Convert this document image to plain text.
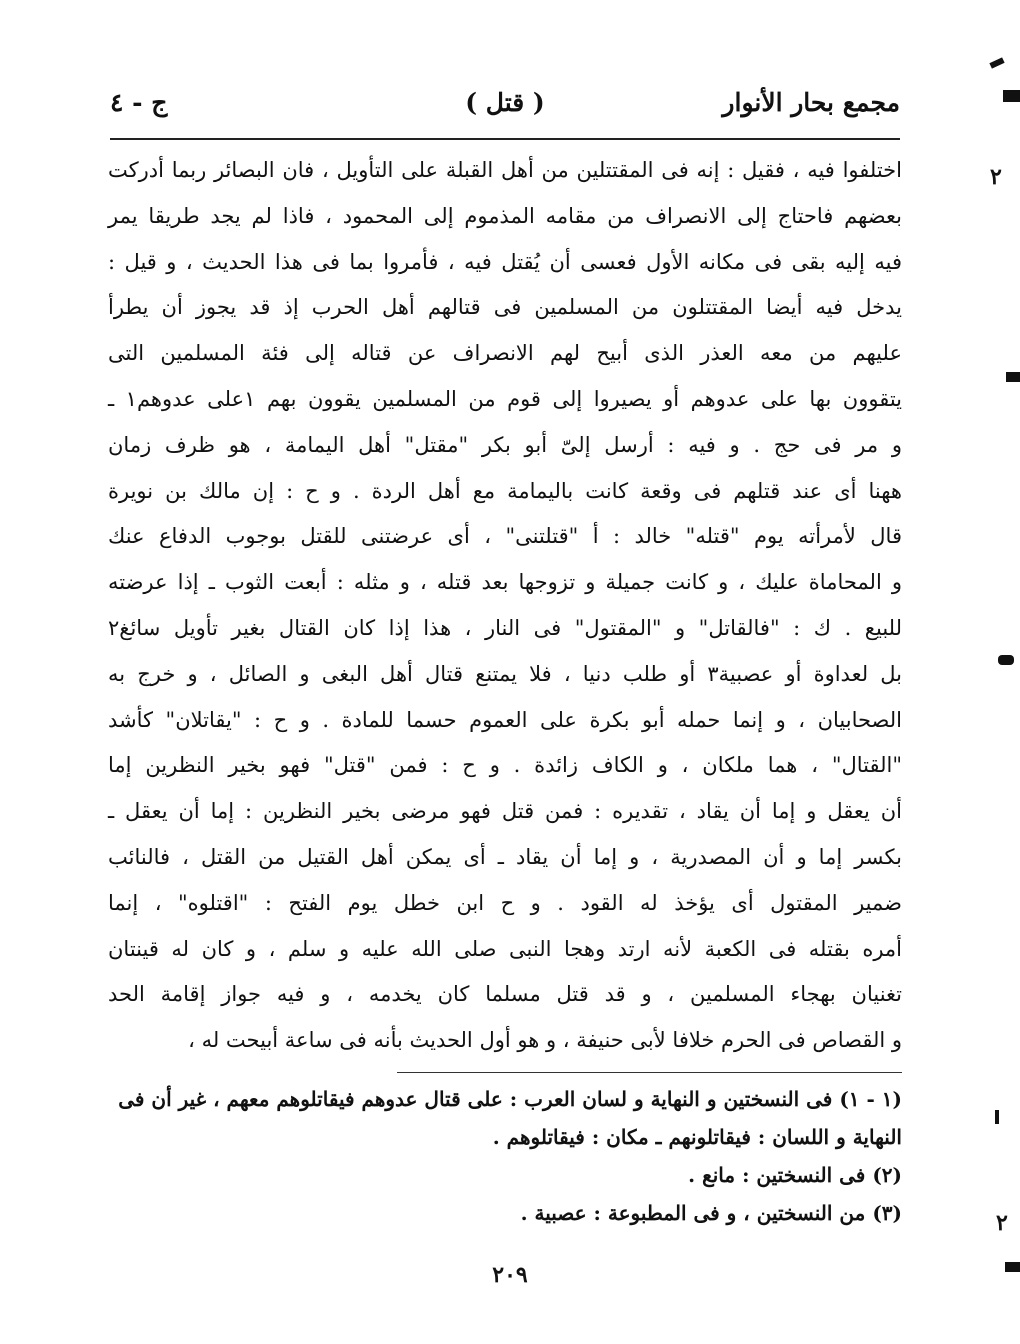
مجمع بحار الأنوار
( قتل )
ج - ٤
اختلفوا فيه ، فقيل : إنه فى المقتتلين من أهل القبلة على التأويل ، فان البصائر ربما أدركت
بعضهم فاحتاج إلى الانصراف من مقامه المذموم إلى المحمود ، فاذا لم يجد طريقا يمر
فيه إليه بقى فى مكانه الأول فعسى أن يُقتل فيه ، فأمروا بما فى هذا الحديث ، و قيل :
يدخل فيه أيضا المقتتلون من المسلمين فى قتالهم أهل الحرب إذ قد يجوز أن يطرأ
عليهم من معه العذر الذى أبيح لهم الانصراف عن قتاله إلى فئة المسلمين التى
يتقوون بها على عدوهم أو يصيروا إلى قوم من المسلمين يقوون بهم ١على عدوهم١ ـ
و مر فى حج . و فيه : أرسل إلىّ أبو بكر "مقتل" أهل اليمامة ، هو ظرف زمان
ههنا أى عند قتلهم فى وقعة كانت باليمامة مع أهل الردة . و ح : إن مالك بن نويرة
قال لأمرأته يوم "قتله" خالد : أ "قتلتنى" ، أى عرضتنى للقتل بوجوب الدفاع عنك
و المحاماة عليك ، و كانت جميلة و تزوجها بعد قتله ، و مثله : أبعت الثوب ـ إذا عرضته
للبيع . ك : "فالقاتل" و "المقتول" فى النار ، هذا إذا كان القتال بغير تأويل سائغ٢
بل لعداوة أو عصبية٣ أو طلب دنيا ، فلا يمتنع قتال أهل البغى و الصائل ، و خرج به
الصحابيان ، و إنما حمله أبو بكرة على العموم حسما للمادة . و ح : "يقاتلان" كأشد
"القتال" ، هما ملكان ، و الكاف زائدة . و ح : فمن "قتل" فهو بخير النظرين إما
أن يعقل و إما أن يقاد ، تقديره : فمن قتل فهو مرضى بخير النظرين : إما أن يعقل ـ
بكسر إما و أن المصدرية ، و إما أن يقاد ـ أى يمكن أهل القتيل من القتل ، فالنائب
ضمير المقتول أى يؤخذ له القود . و ح ابن خطل يوم الفتح : "اقتلوه" ، إنما
أمره بقتله فى الكعبة لأنه ارتد وهجا النبى صلى الله عليه و سلم ، و كان له قينتان
تغنيان بهجاء المسلمين ، و قد قتل مسلما كان يخدمه ، و فيه جواز إقامة الحد
و القصاص فى الحرم خلافا لأبى حنيفة ، و هو أول الحديث بأنه فى ساعة أبيحت له ،
(١ - ١) فى النسختين و النهاية و لسان العرب : على قتال عدوهم فيقاتلوهم معهم ، غير أن فى
النهاية و اللسان : فيقاتلونهم ـ مكان : فيقاتلوهم .
(٢) فى النسختين : مانع .
(٣) من النسختين ، و فى المطبوعة : عصبية .
٢٠٩
٢
٢
